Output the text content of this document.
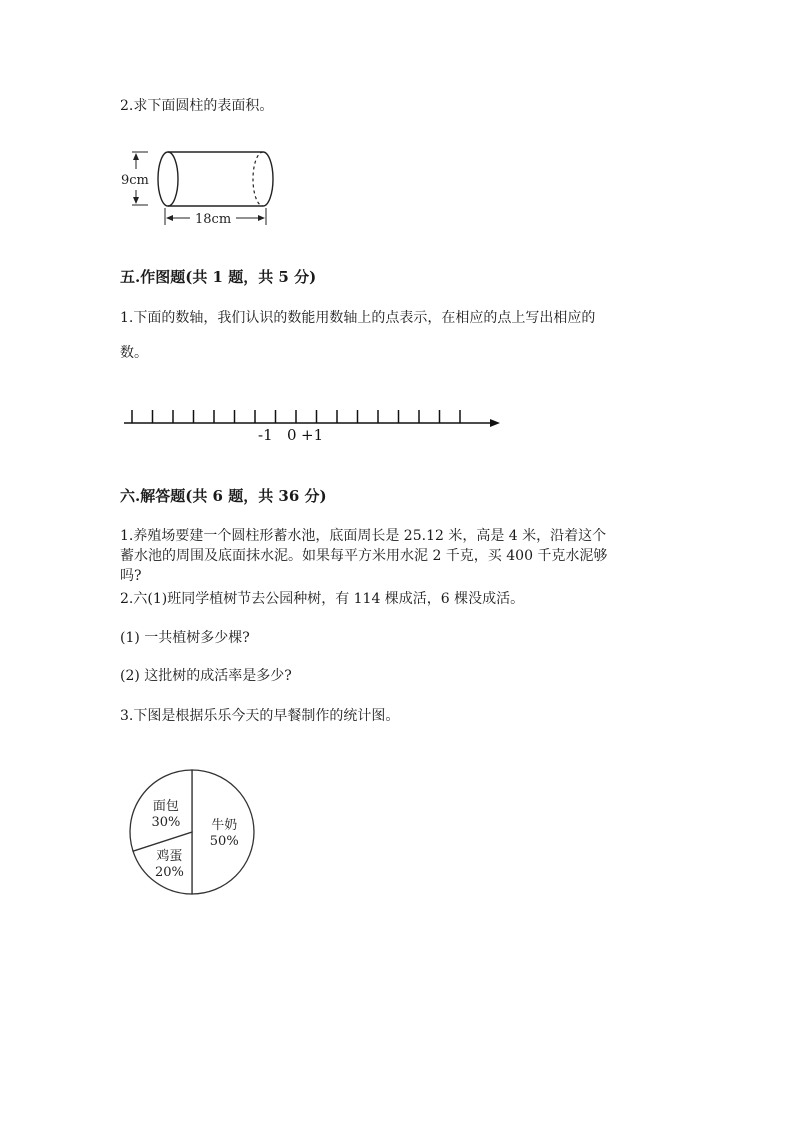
2.求下面圆柱的表面积。
9cm
18cm
五.作图题(共 1 题，共 5 分)
1.下面的数轴，我们认识的数能用数轴上的点表示，在相应的点上写出相应的
数。
-1 0 +1
六.解答题(共 6 题，共 36 分)
1.养殖场要建一个圆柱形蓄水池，底面周长是 25.12 米，高是 4 米，沿着这个
蓄水池的周围及底面抹水泥。如果每平方米用水泥 2 千克，买 400 千克水泥够
吗?
2.六(1)班同学植树节去公园种树，有 114 棵成活，6 棵没成活。
(1) 一共植树多少棵?
(2) 这批树的成活率是多少?
3.下图是根据乐乐今天的早餐制作的统计图。
牛奶
50%
鸡蛋
20%
面包
30%
